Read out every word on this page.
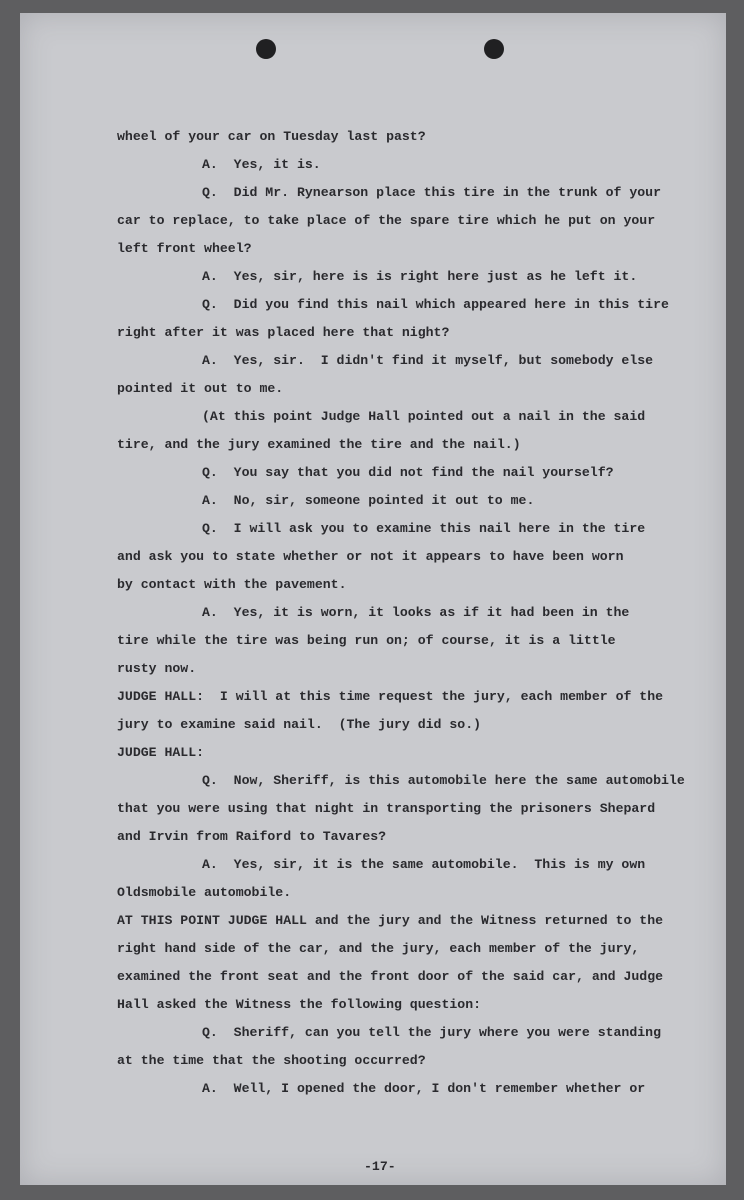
wheel of your car on Tuesday last past?

A.  Yes, it is.

Q.  Did Mr. Rynearson place this tire in the trunk of your

car to replace, to take place of the spare tire which he put on your

left front wheel?

A.  Yes, sir, here is is right here just as he left it.

Q.  Did you find this nail which appeared here in this tire

right after it was placed here that night?

A.  Yes, sir.  I didn't find it myself, but somebody else

pointed it out to me.

(At this point Judge Hall pointed out a nail in the said

tire, and the jury examined the tire and the nail.)

Q.  You say that you did not find the nail yourself?

A.  No, sir, someone pointed it out to me.

Q.  I will ask you to examine this nail here in the tire

and ask you to state whether or not it appears to have been worn

by contact with the pavement.

A.  Yes, it is worn, it looks as if it had been in the

tire while the tire was being run on; of course, it is a little

rusty now.

JUDGE HALL:  I will at this time request the jury, each member of the

jury to examine said nail.  (The jury did so.)

JUDGE HALL:

Q.  Now, Sheriff, is this automobile here the same automobile

that you were using that night in transporting the prisoners Shepard

and Irvin from Raiford to Tavares?

A.  Yes, sir, it is the same automobile.  This is my own

Oldsmobile automobile.

AT THIS POINT JUDGE HALL and the jury and the Witness returned to the

right hand side of the car, and the jury, each member of the jury,

examined the front seat and the front door of the said car, and Judge

Hall asked the Witness the following question:

Q.  Sheriff, can you tell the jury where you were standing

at the time that the shooting occurred?

A.  Well, I opened the door, I don't remember whether or

-17-
